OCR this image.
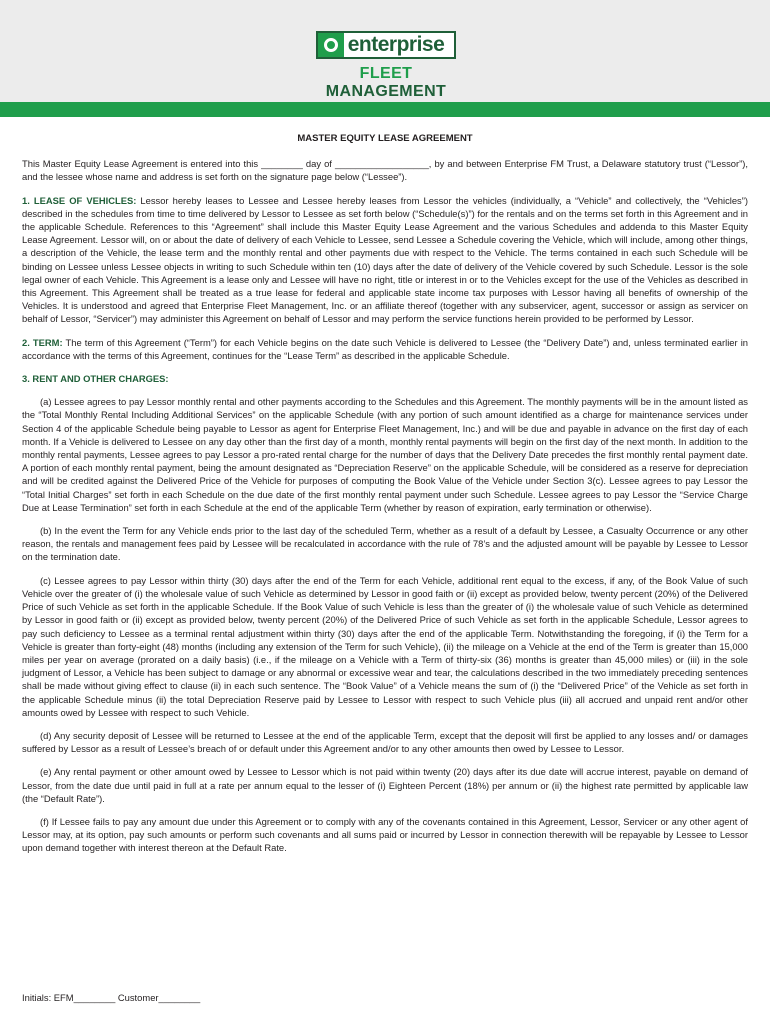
enterprise
FLEET MANAGEMENT
MASTER EQUITY LEASE AGREEMENT

This Master Equity Lease Agreement is entered into this ________ day of __________________, by and between Enterprise FM Trust, a Delaware statutory trust (“Lessor”), and the lessee whose name and address is set forth on the signature page below (“Lessee”).

1. LEASE OF VEHICLES: Lessor hereby leases to Lessee and Lessee hereby leases from Lessor the vehicles (individually, a “Vehicle” and collectively, the “Vehicles”) described in the schedules from time to time delivered by Lessor to Lessee as set forth below (“Schedule(s)”) for the rentals and on the terms set forth in this Agreement and in the applicable Schedule. References to this “Agreement” shall include this Master Equity Lease Agreement and the various Schedules and addenda to this Master Equity Lease Agreement. Lessor will, on or about the date of delivery of each Vehicle to Lessee, send Lessee a Schedule covering the Vehicle, which will include, among other things, a description of the Vehicle, the lease term and the monthly rental and other payments due with respect to the Vehicle. The terms contained in each such Schedule will be binding on Lessee unless Lessee objects in writing to such Schedule within ten (10) days after the date of delivery of the Vehicle covered by such Schedule. Lessor is the sole legal owner of each Vehicle. This Agreement is a lease only and Lessee will have no right, title or interest in or to the Vehicles except for the use of the Vehicles as described in this Agreement. This Agreement shall be treated as a true lease for federal and applicable state income tax purposes with Lessor having all benefits of ownership of the Vehicles. It is understood and agreed that Enterprise Fleet Management, Inc. or an affiliate thereof (together with any subservicer, agent, successor or assign as servicer on behalf of Lessor, “Servicer”) may administer this Agreement on behalf of Lessor and may perform the service functions herein provided to be performed by Lessor.

2. TERM: The term of this Agreement (“Term”) for each Vehicle begins on the date such Vehicle is delivered to Lessee (the “Delivery Date”) and, unless terminated earlier in accordance with the terms of this Agreement, continues for the “Lease Term” as described in the applicable Schedule.

3. RENT AND OTHER CHARGES:

(a) Lessee agrees to pay Lessor monthly rental and other payments according to the Schedules and this Agreement. The monthly payments will be in the amount listed as the “Total Monthly Rental Including Additional Services” on the applicable Schedule (with any portion of such amount identified as a charge for maintenance services under Section 4 of the applicable Schedule being payable to Lessor as agent for Enterprise Fleet Management, Inc.) and will be due and payable in advance on the first day of each month. If a Vehicle is delivered to Lessee on any day other than the first day of a month, monthly rental payments will begin on the first day of the next month. In addition to the monthly rental payments, Lessee agrees to pay Lessor a pro-rated rental charge for the number of days that the Delivery Date precedes the first monthly rental payment date. A portion of each monthly rental payment, being the amount designated as “Depreciation Reserve” on the applicable Schedule, will be considered as a reserve for depreciation and will be credited against the Delivered Price of the Vehicle for purposes of computing the Book Value of the Vehicle under Section 3(c). Lessee agrees to pay Lessor the “Total Initial Charges” set forth in each Schedule on the due date of the first monthly rental payment under such Schedule. Lessee agrees to pay Lessor the “Service Charge Due at Lease Termination” set forth in each Schedule at the end of the applicable Term (whether by reason of expiration, early termination or otherwise).

(b) In the event the Term for any Vehicle ends prior to the last day of the scheduled Term, whether as a result of a default by Lessee, a Casualty Occurrence or any other reason, the rentals and management fees paid by Lessee will be recalculated in accordance with the rule of 78’s and the adjusted amount will be payable by Lessee to Lessor on the termination date.

(c) Lessee agrees to pay Lessor within thirty (30) days after the end of the Term for each Vehicle, additional rent equal to the excess, if any, of the Book Value of such Vehicle over the greater of (i) the wholesale value of such Vehicle as determined by Lessor in good faith or (ii) except as provided below, twenty percent (20%) of the Delivered Price of such Vehicle as set forth in the applicable Schedule. If the Book Value of such Vehicle is less than the greater of (i) the wholesale value of such Vehicle as determined by Lessor in good faith or (ii) except as provided below, twenty percent (20%) of the Delivered Price of such Vehicle as set forth in the applicable Schedule, Lessor agrees to pay such deficiency to Lessee as a terminal rental adjustment within thirty (30) days after the end of the applicable Term. Notwithstanding the foregoing, if (i) the Term for a Vehicle is greater than forty-eight (48) months (including any extension of the Term for such Vehicle), (ii) the mileage on a Vehicle at the end of the Term is greater than 15,000 miles per year on average (prorated on a daily basis) (i.e., if the mileage on a Vehicle with a Term of thirty-six (36) months is greater than 45,000 miles) or (iii) in the sole judgment of Lessor, a Vehicle has been subject to damage or any abnormal or excessive wear and tear, the calculations described in the two immediately preceding sentences shall be made without giving effect to clause (ii) in each such sentence. The “Book Value” of a Vehicle means the sum of (i) the “Delivered Price” of the Vehicle as set forth in the applicable Schedule minus (ii) the total Depreciation Reserve paid by Lessee to Lessor with respect to such Vehicle plus (iii) all accrued and unpaid rent and/or other amounts owed by Lessee with respect to such Vehicle.

(d) Any security deposit of Lessee will be returned to Lessee at the end of the applicable Term, except that the deposit will first be applied to any losses and/ or damages suffered by Lessor as a result of Lessee’s breach of or default under this Agreement and/or to any other amounts then owed by Lessee to Lessor.

(e) Any rental payment or other amount owed by Lessee to Lessor which is not paid within twenty (20) days after its due date will accrue interest, payable on demand of Lessor, from the date due until paid in full at a rate per annum equal to the lesser of (i) Eighteen Percent (18%) per annum or (ii) the highest rate permitted by applicable law (the “Default Rate”).

(f) If Lessee fails to pay any amount due under this Agreement or to comply with any of the covenants contained in this Agreement, Lessor, Servicer or any other agent of Lessor may, at its option, pay such amounts or perform such covenants and all sums paid or incurred by Lessor in connection therewith will be repayable by Lessee to Lessor upon demand together with interest thereon at the Default Rate.

Initials: EFM________ Customer________
